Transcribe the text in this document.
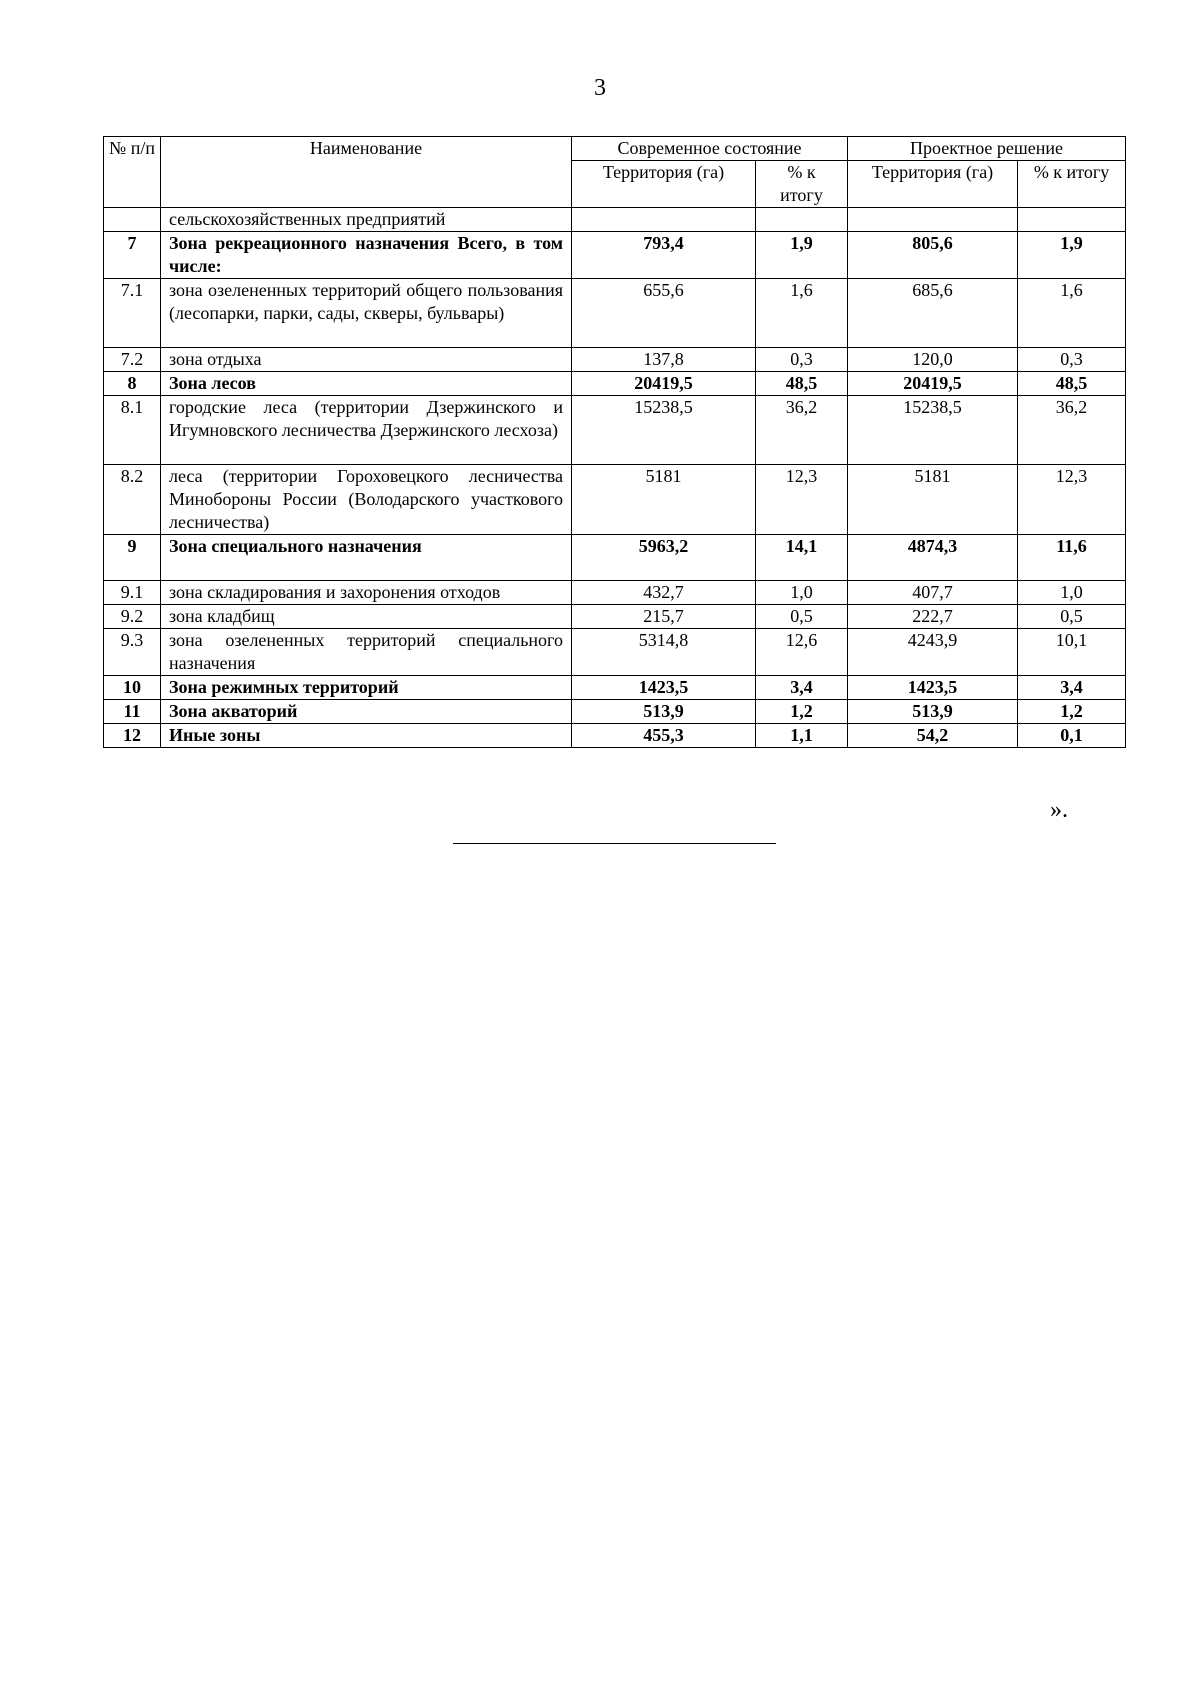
3
№ п/п	Наименование	Современное состояние		Проектное решение	
		Территория (га)	% к итогу	Территория (га)	% к итогу
	сельскохозяйственных предприятий				
7	Зона рекреационного назначения Всего, в том числе:	793,4	1,9	805,6	1,9
7.1	зона озелененных территорий общего пользования (лесопарки, парки, сады, скверы, бульвары)	655,6	1,6	685,6	1,6
7.2	зона отдыха	137,8	0,3	120,0	0,3
8	Зона лесов	20419,5	48,5	20419,5	48,5
8.1	городские леса (территории Дзержинского и Игумновского лесничества Дзержинского лесхоза)	15238,5	36,2	15238,5	36,2
8.2	леса (территории Гороховецкого лесничества Минобороны России (Володарского участкового лесничества)	5181	12,3	5181	12,3
9	Зона специального назначения	5963,2	14,1	4874,3	11,6
9.1	зона складирования и захоронения отходов	432,7	1,0	407,7	1,0
9.2	зона кладбищ	215,7	0,5	222,7	0,5
9.3	зона озелененных территорий специального назначения	5314,8	12,6	4243,9	10,1
10	Зона режимных территорий	1423,5	3,4	1423,5	3,4
11	Зона акваторий	513,9	1,2	513,9	1,2
12	Иные зоны	455,3	1,1	54,2	0,1
».
